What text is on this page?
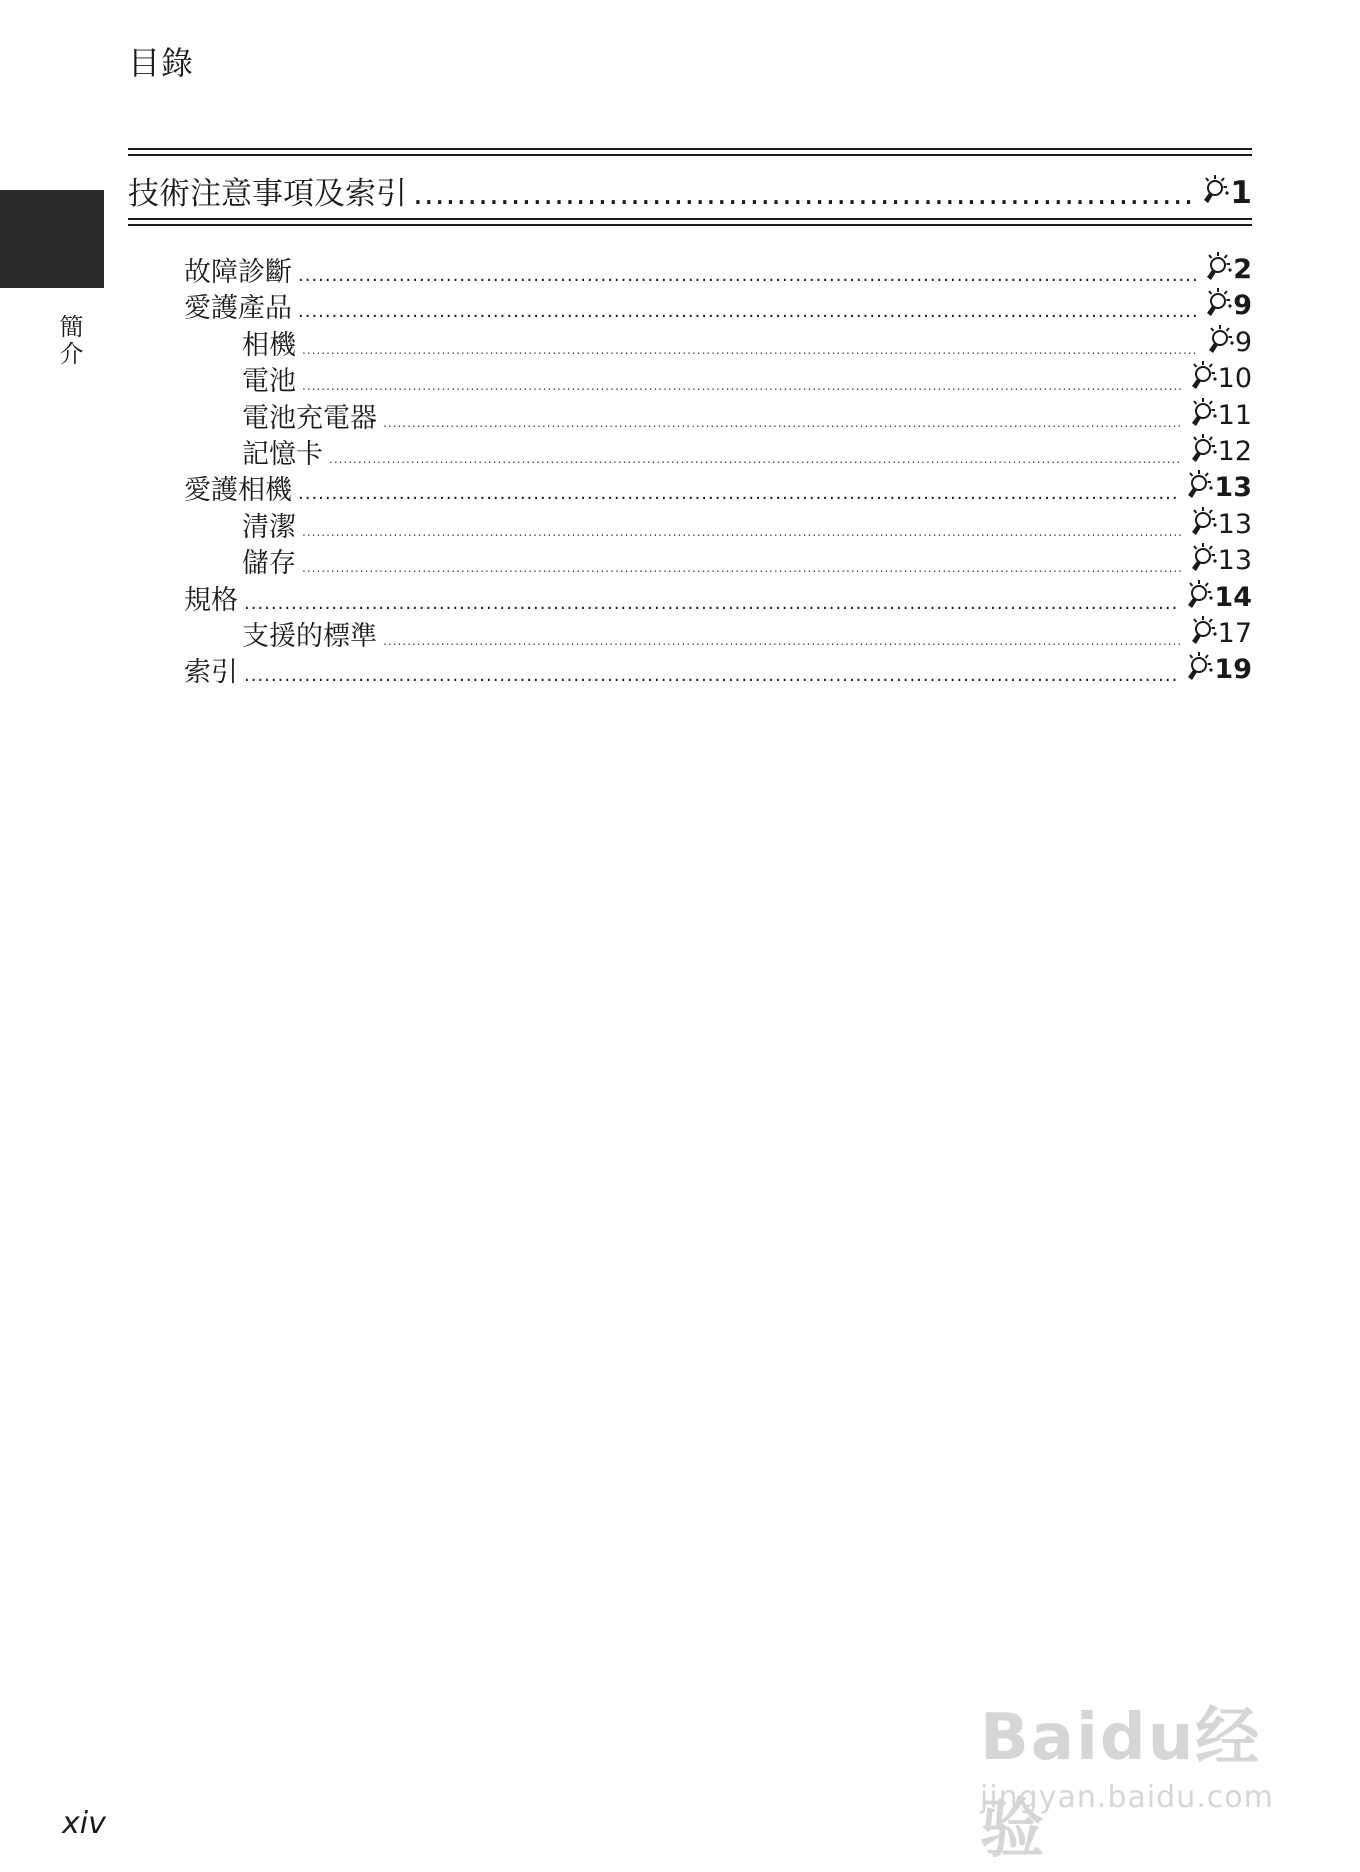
目錄
簡介
技術注意事項及索引 .....	1
故障診斷 .....	2
愛護產品 .....	9
相機 .....	9
電池 .....	10
電池充電器 .....	11
記憶卡 .....	12
愛護相機 .....	13
清潔 .....	13
儲存 .....	13
規格 .....	14
支援的標準 .....	17
索引 .....	19
xiv
Baidu经验
jingyan.baidu.com
